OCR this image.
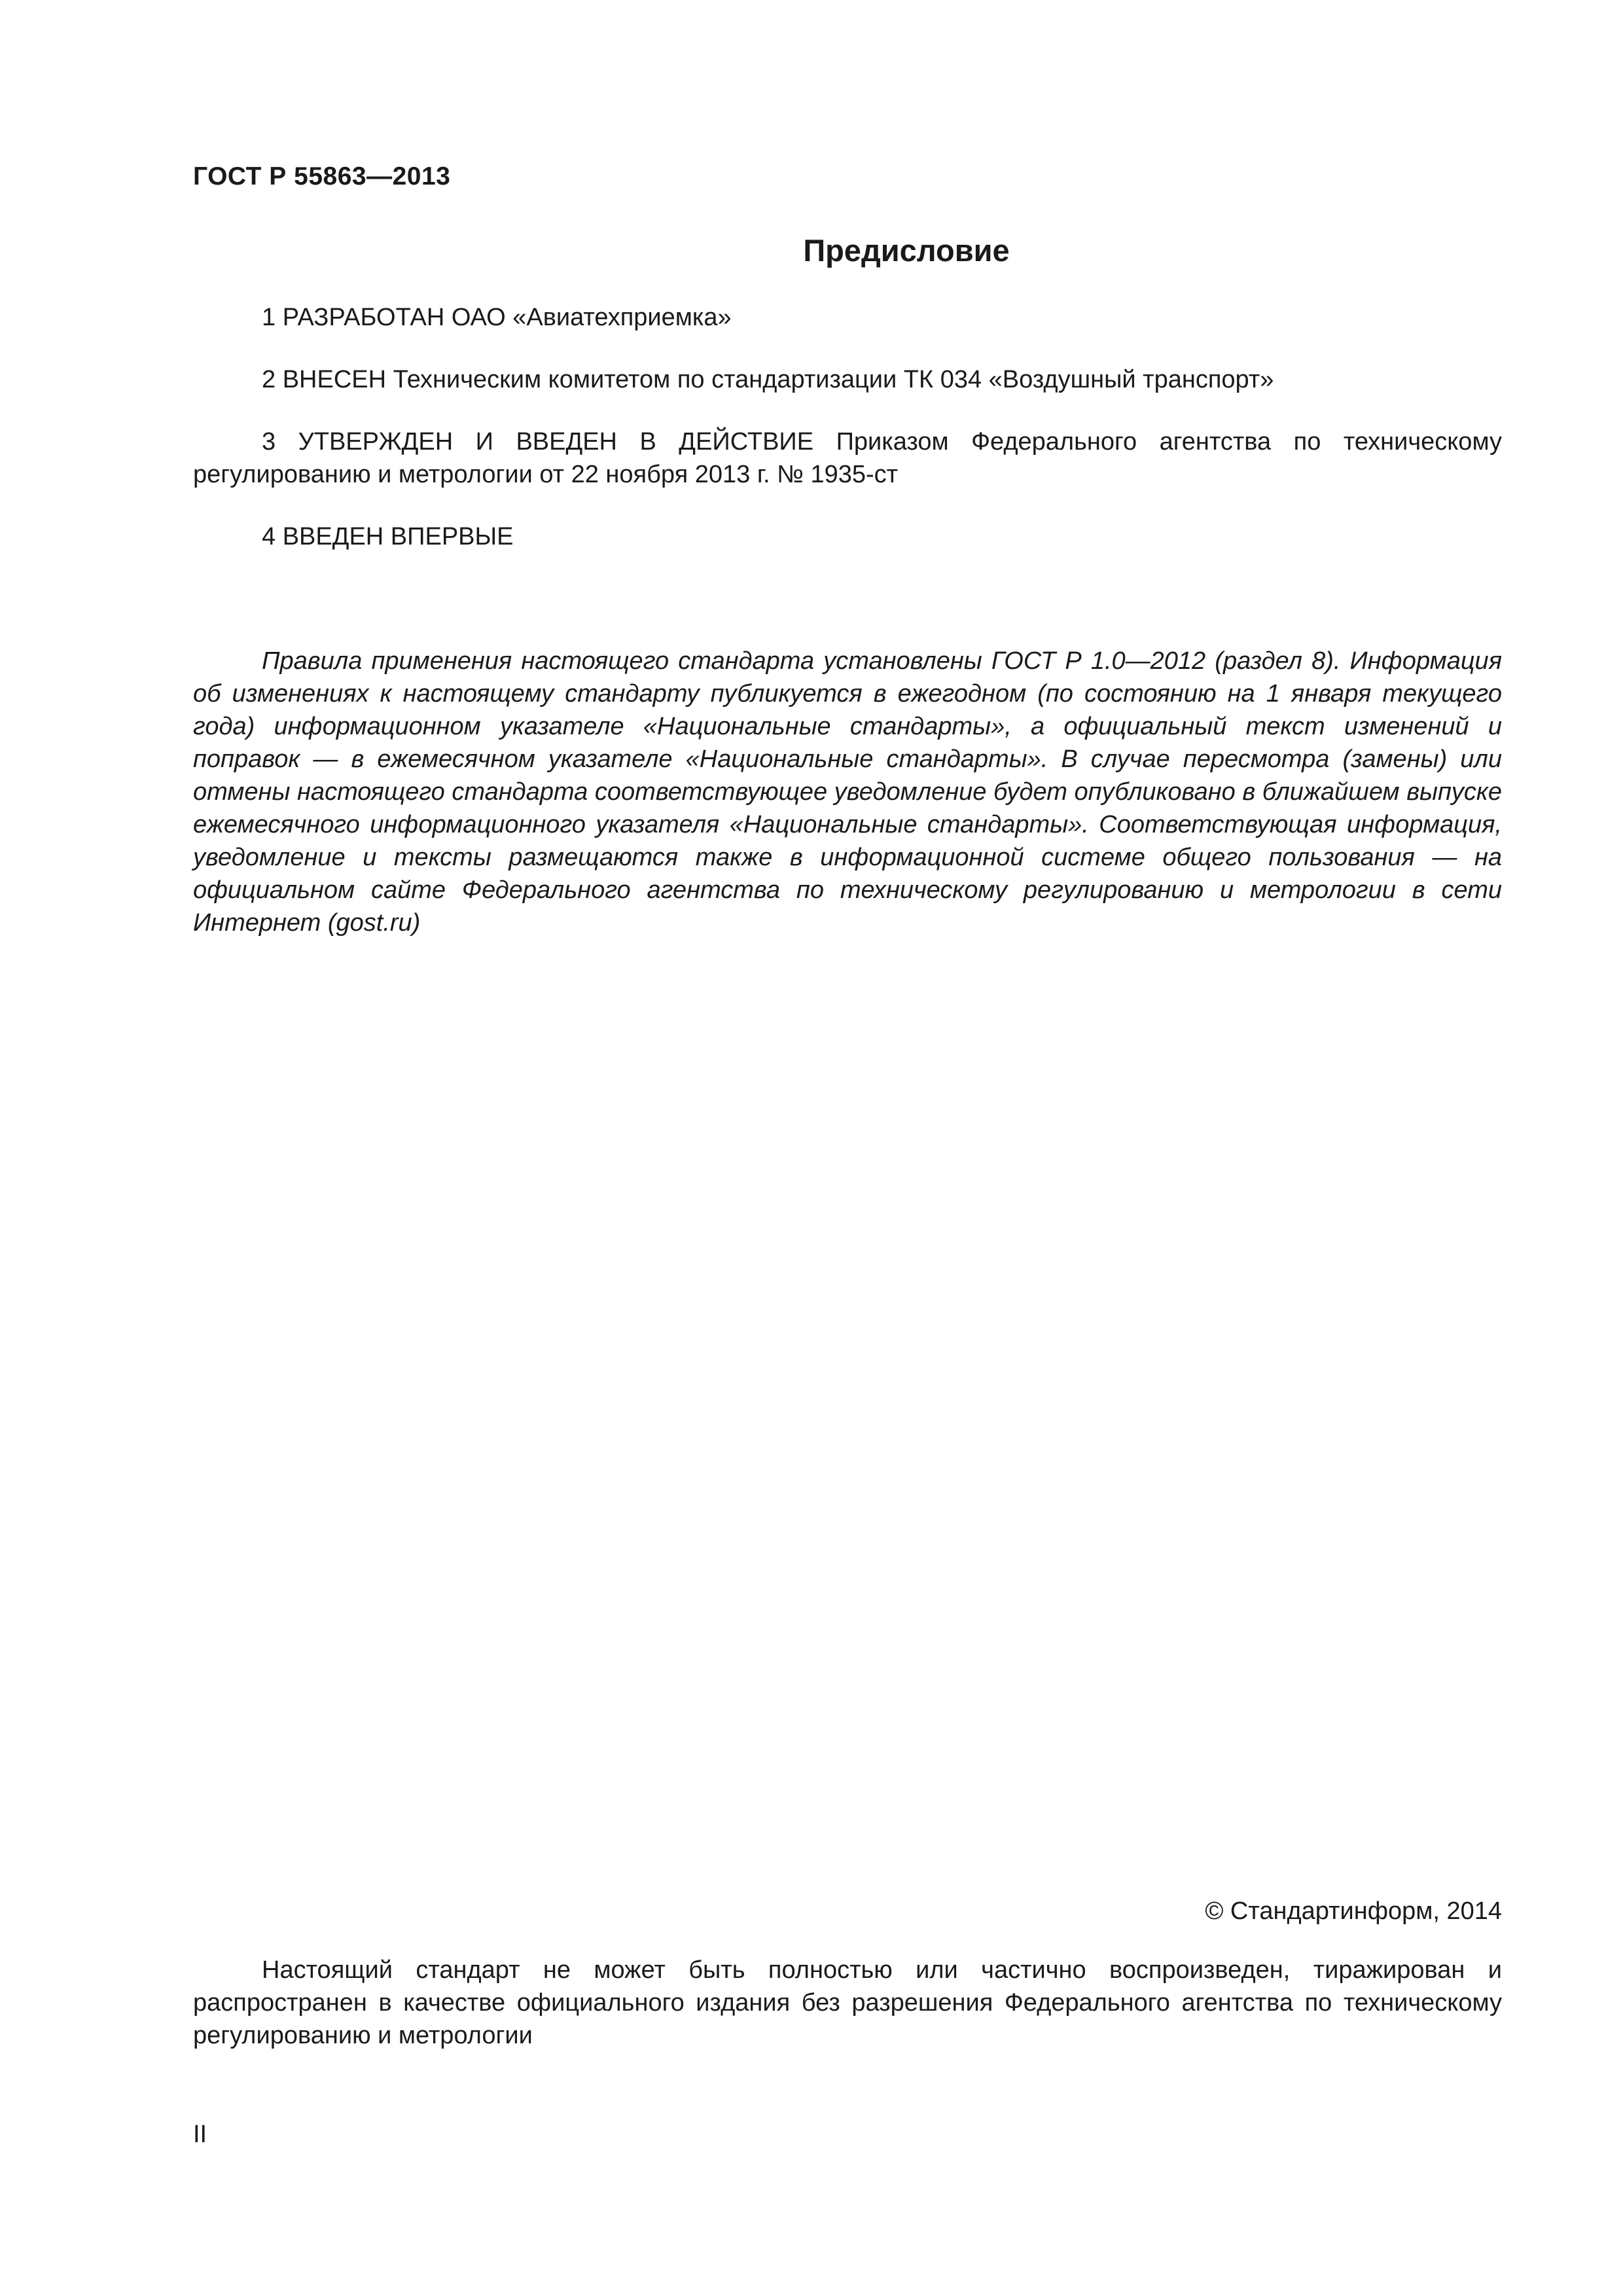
ГОСТ Р 55863—2013
Предисловие
1 РАЗРАБОТАН ОАО «Авиатехприемка»
2 ВНЕСЕН Техническим комитетом по стандартизации ТК 034 «Воздушный транспорт»
3 УТВЕРЖДЕН И ВВЕДЕН В ДЕЙСТВИЕ Приказом Федерального агентства по техническому регулированию и метрологии от 22 ноября 2013 г. № 1935-ст
4 ВВЕДЕН ВПЕРВЫЕ
Правила применения настоящего стандарта установлены ГОСТ Р 1.0—2012 (раздел 8). Информация об изменениях к настоящему стандарту публикуется в ежегодном (по состоянию на 1 января текущего года) информационном указателе «Национальные стандарты», а официальный текст изменений и поправок — в ежемесячном указателе «Национальные стандарты». В случае пересмотра (замены) или отмены настоящего стандарта соответствующее уведомление будет опубликовано в ближайшем выпуске ежемесячного информационного указателя «Национальные стандарты». Соответствующая информация, уведомление и тексты размещаются также в информационной системе общего пользования — на официальном сайте Федерального агентства по техническому регулированию и метрологии в сети Интернет (gost.ru)
© Стандартинформ, 2014
Настоящий стандарт не может быть полностью или частично воспроизведен, тиражирован и распространен в качестве официального издания без разрешения Федерального агентства по техническому регулированию и метрологии
II
